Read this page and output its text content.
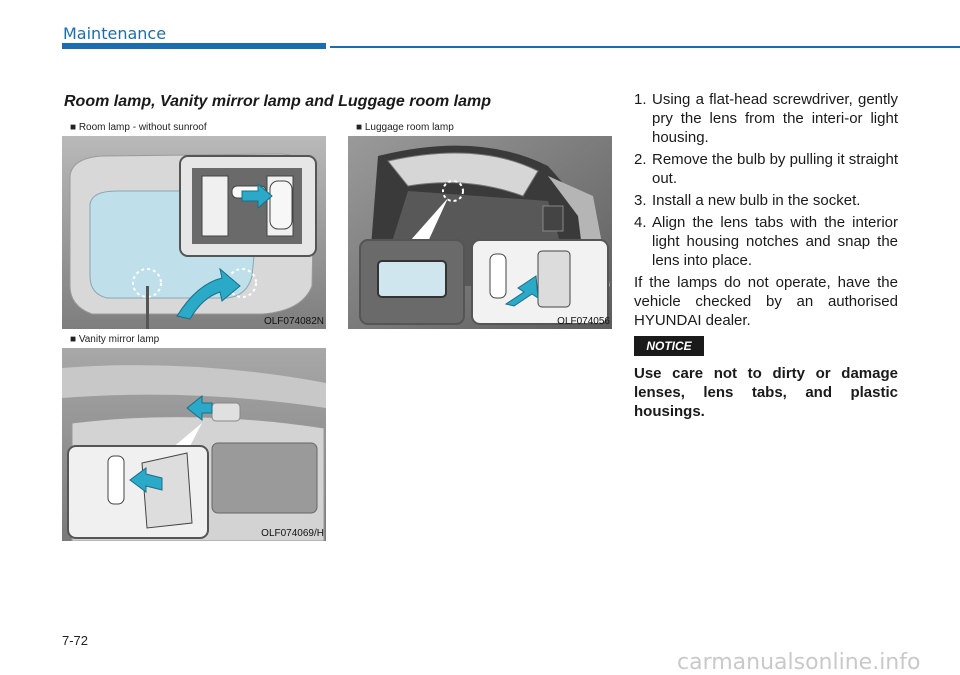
Maintenance
Room lamp, Vanity mirror lamp and Luggage room lamp
■ Room lamp - without sunroof
OLF074082N
■ Luggage room lamp
OLF074056
■ Vanity mirror lamp
OLF074069/H
1. Using a flat-head screwdriver, gently pry the lens from the interi-or light housing.
2. Remove the bulb by pulling it straight out.
3. Install a new bulb in the socket.
4. Align the lens tabs with the interior light housing notches and snap the lens into place.
If the lamps do not operate, have the vehicle checked by an authorised HYUNDAI dealer.
NOTICE
Use care not to dirty or damage lenses, lens tabs, and plastic housings.
7-72
carmanualsonline.info
